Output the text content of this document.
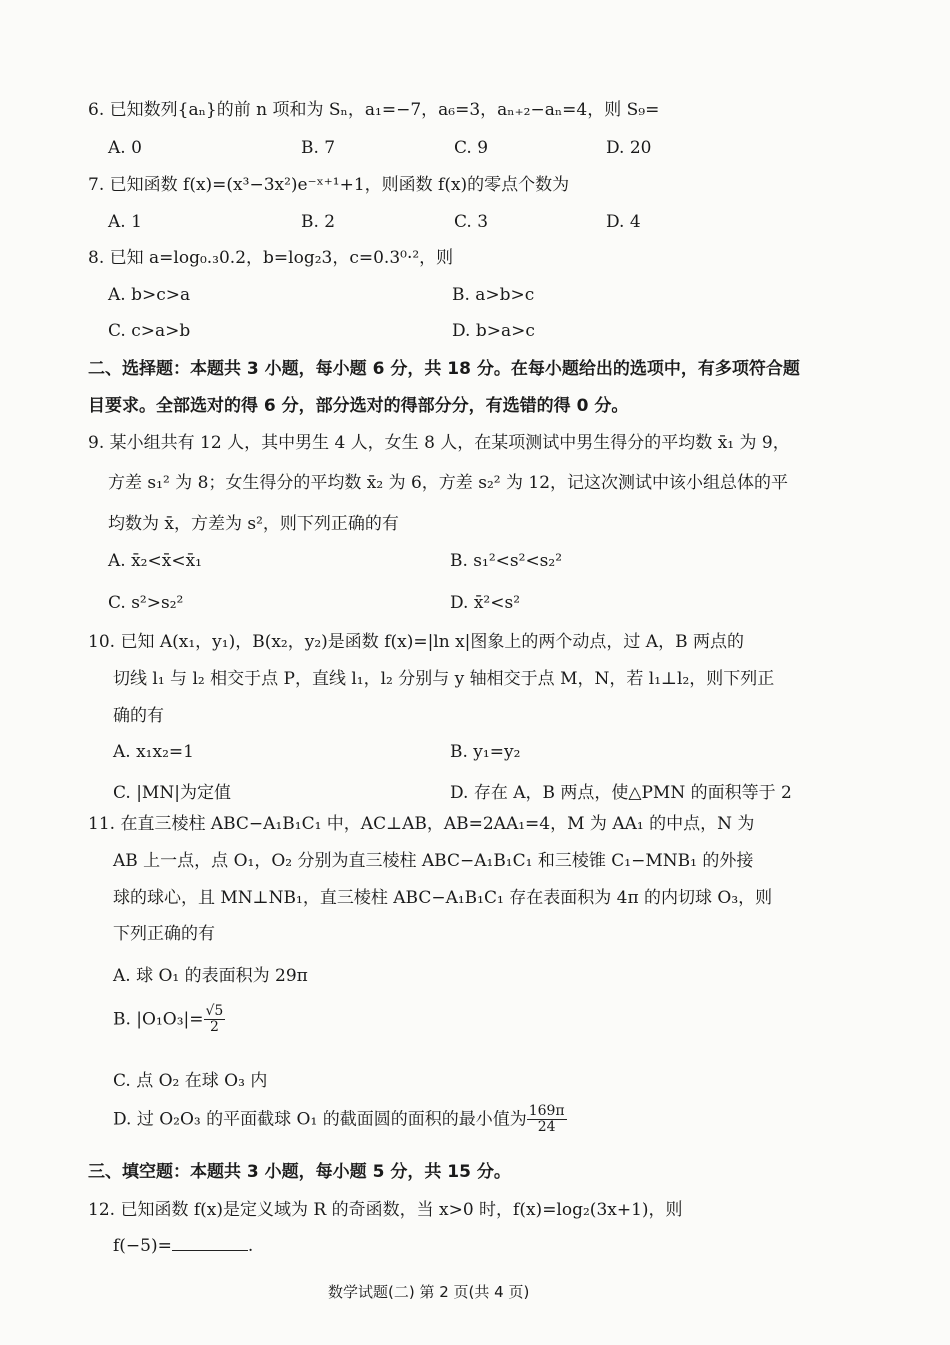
6. 已知数列{aₙ}的前 n 项和为 Sₙ，a₁=−7，a₆=3，aₙ₊₂−aₙ=4，则 S₉=
A. 0	B. 7	C. 9	D. 20
7. 已知函数 f(x)=(x³−3x²)e⁻ˣ⁺¹+1，则函数 f(x)的零点个数为
A. 1	B. 2	C. 3	D. 4
8. 已知 a=log₀.₃0.2，b=log₂3，c=0.3⁰·²，则
A. b>c>a	B. a>b>c
C. c>a>b	D. b>a>c
二、选择题：本题共 3 小题，每小题 6 分，共 18 分。在每小题给出的选项中，有多项符合题
目要求。全部选对的得 6 分，部分选对的得部分分，有选错的得 0 分。
9. 某小组共有 12 人，其中男生 4 人，女生 8 人，在某项测试中男生得分的平均数 x̄₁ 为 9，
方差 s₁² 为 8；女生得分的平均数 x̄₂ 为 6，方差 s₂² 为 12，记这次测试中该小组总体的平
均数为 x̄，方差为 s²，则下列正确的有
A. x̄₂<x̄<x̄₁	B. s₁²<s²<s₂²
C. s²>s₂²	D. x̄²<s²
10. 已知 A(x₁，y₁)，B(x₂，y₂)是函数 f(x)=|ln x|图象上的两个动点，过 A，B 两点的
切线 l₁ 与 l₂ 相交于点 P，直线 l₁，l₂ 分别与 y 轴相交于点 M，N，若 l₁⊥l₂，则下列正
确的有
A. x₁x₂=1	B. y₁=y₂
C. |MN|为定值	D. 存在 A，B 两点，使△PMN 的面积等于 2
11. 在直三棱柱 ABC−A₁B₁C₁ 中，AC⊥AB，AB=2AA₁=4，M 为 AA₁ 的中点，N 为
AB 上一点，点 O₁，O₂ 分别为直三棱柱 ABC−A₁B₁C₁ 和三棱锥 C₁−MNB₁ 的外接
球的球心，且 MN⊥NB₁，直三棱柱 ABC−A₁B₁C₁ 存在表面积为 4π 的内切球 O₃，则
下列正确的有
A. 球 O₁ 的表面积为 29π
B. $|O_1O_3|= \frac{√5}{2}$
C. 点 O₂ 在球 O₃ 内
D. 过 O₂O₃ 的平面截球 O₁ 的截面圆的面积的最小值为 $\frac{169\pi}{24}$
三、填空题：本题共 3 小题，每小题 5 分，共 15 分。
12. 已知函数 f(x)是定义域为 R 的奇函数，当 x>0 时，f(x)=log₂(3x+1)，则
f(−5)=	.
数学试题(二) 第 2 页(共 4 页)
